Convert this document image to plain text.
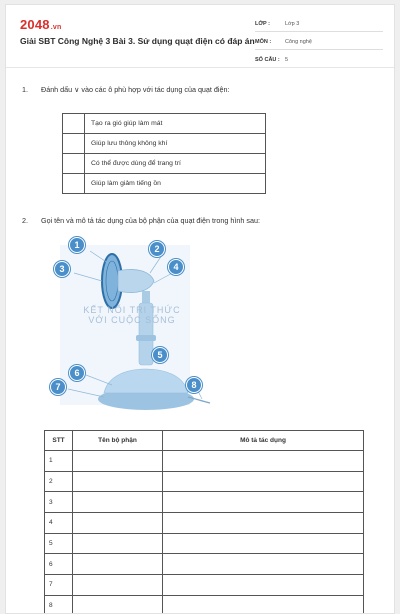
2048.vn
Giải SBT Công Nghệ 3 Bài 3. Sử dụng quạt điện có đáp án
LỚP :	Lớp 3
MÔN :	Công nghệ
SỐ CÂU : 5
1. Đánh dấu ∨ vào các ô phù hợp với tác dụng của quạt điện:
	Tạo ra gió giúp làm mát
	Giúp lưu thông không khí
	Có thể được dùng để trang trí
	Giúp làm giảm tiếng ồn
2. Gọi tên và mô tả tác dụng của bộ phận của quạt điện trong hình sau:
KẾT NỐI TRI THỨC
VỚI CUỘC SỐNG
1	2
3	4
5
6
7	8
STT	Tên bộ phận	Mô tả tác dụng
1		
2		
3		
4		
5		
6		
7		
8		
